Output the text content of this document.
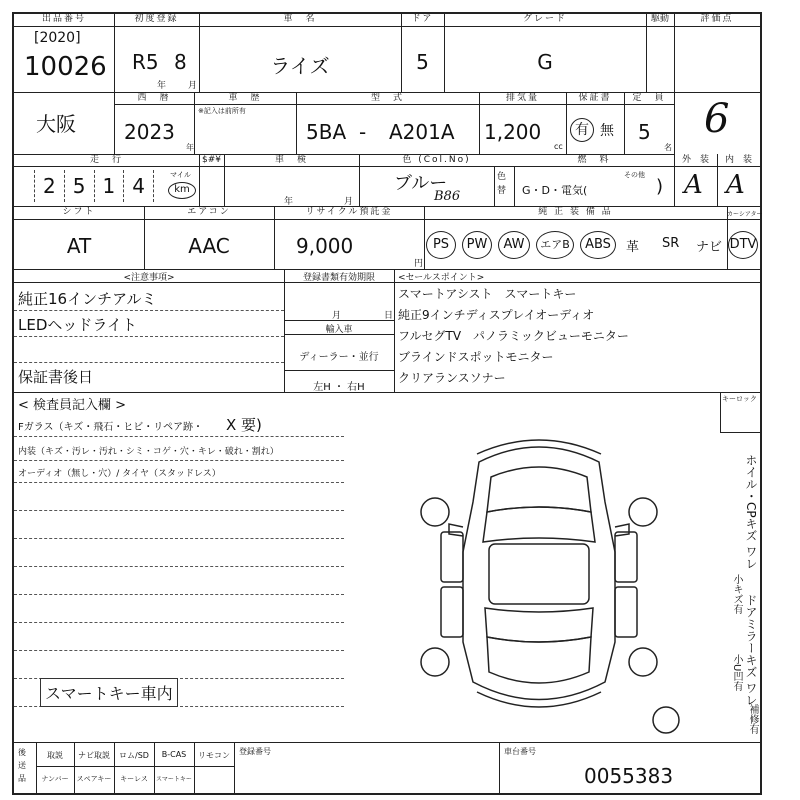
出品番号
[2020]
10026
初度登録
R5 8
年 月
車　名
ライズ
ドア
5
グレード
G
駆動	評価点
6
大阪
西　暦
2023
年
車　歴
※記入は前所有
型　式
5BA - A201A
排気量
1,200
cc
保証書
有 無
定　員
5
名
走　行
2 5 1 4	マイル
km
$#¥	車　検
年	月
色 (Col.No)
ブルー
B86
色替
燃　料
G・D・電気(
その他
)
外　装	内　装
A A
シフト
AT
エアコン
AAC
リサイクル預託金
9,000
円
純 正 装 備 品	カーシアター
PS	PW	AW	エアB	ABS	革 SR ナビ DTV
<注意事項>
純正16インチアルミ
LEDヘッドライト
保証書後日
登録書類有効期限
月	日
輸入車
ディーラー・並行
左H ・ 右H
<セールスポイント>
スマートアシスト　スマートキー
純正9インチディスプレイオーディオ
フルセグTV　パノラミックビューモニター
ブラインドスポットモニター
クリアランスソナー
< 検査員記入欄 >	キーロック
Fガラス（キズ・飛石・ヒビ・リペア跡・ X 要)
内装（キズ・汚レ・汚れ・シミ・コゲ・穴・キレ・破れ・割れ）
オーディオ（無し・穴）/ タイヤ（スタッドレス）
スマートキー車内
ホイル・CPキズ ワレ
小キズ有 ドアミラーキズ ワレ
小U凹有
補修有
後送品
取説	ナビ取説	ロム/SD	B-CAS	リモコン
ナンバー	スペアキー	キーレス	スマートキー
登録番号	車台番号
0055383
